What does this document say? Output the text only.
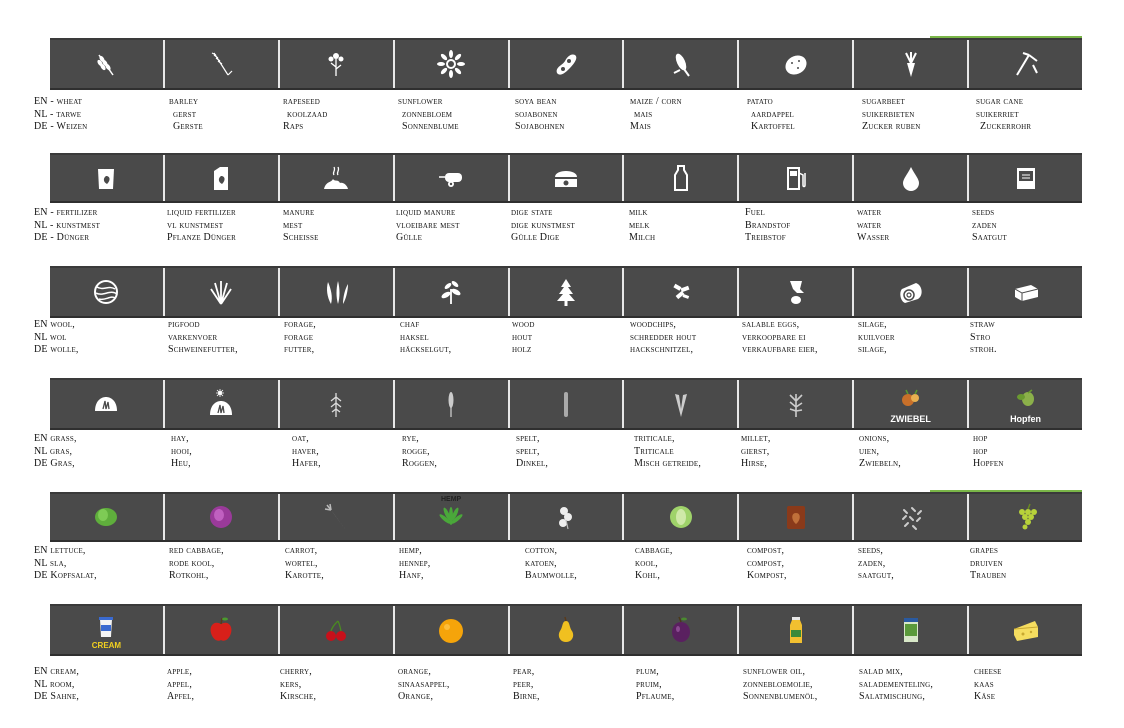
EN - wheat
NL - tarwe
DE - Weizen
barley
gerst
Gerste
rapeseed
koolzaad
Raps
sunflower
zonnebloem
Sonnenblume
soya bean
sojabonen
Sojabohnen
maize / corn
mais
Mais
patato
aardappel
Kartoffel
sugarbeet
suikerbieten
Zucker ruben
sugar cane
suikerriet
Zuckerrohr
EN - fertilizer
NL - kunstmest
DE - Dünger
liquid fertilizer
vl kunstmest
Pflanze Dünger
manure
mest
Scheisse
liquid manure
vloeibare mest
Gülle
dige state
dige kunstmest
Gülle Dige
milk
melk
Milch
Fuel
Brandstof
Treibstof
water
water
Wasser
seeds
zaden
Saatgut
EN wool,
NL wol
DE wolle,
pigfood
varkenvoer
Schweinefutter,
forage,
forage
futter,
chaf
haksel
häckselgut,
wood
hout
holz
woodchips,
schredder hout
hackschnitzel,
salable eggs,
verkoopbare ei
verkaufbare eier,
silage,
kuilvoer
silage,
straw
Stro
stroh.
ZWIEBEL	Hopfen
EN grass,
NL gras,
DE Gras,
hay,
hooi,
Heu,
oat,
haver,
Hafer,
rye,
rogge,
Roggen,
spelt,
spelt,
Dinkel,
triticale,
Triticale
Misch getreide,
millet,
gierst,
Hirse,
onions,
uien,
Zwiebeln,
hop
hop
Hopfen
HEMP
EN lettuce,
NL sla,
DE Kopfsalat,
red cabbage,
rode kool,
Rotkohl,
carrot,
wortel,
Karotte,
hemp,
hennep,
Hanf,
cotton,
katoen,
Baumwolle,
cabbage,
kool,
Kohl,
compost,
compost,
Kompost,
seeds,
zaden,
saatgut,
grapes
druiven
Trauben
CREAM
EN cream,
NL room,
DE Sahne,
apple,
appel,
Apfel,
cherry,
kers,
Kirsche,
orange,
sinaasappel,
Orange,
pear,
peer,
Birne,
plum,
pruim,
Pflaume,
sunflower oil,
zonnebloemolie,
Sonnenblumenöl,
salad mix,
saladementeling,
Salatmischung,
cheese
kaas
Käse
